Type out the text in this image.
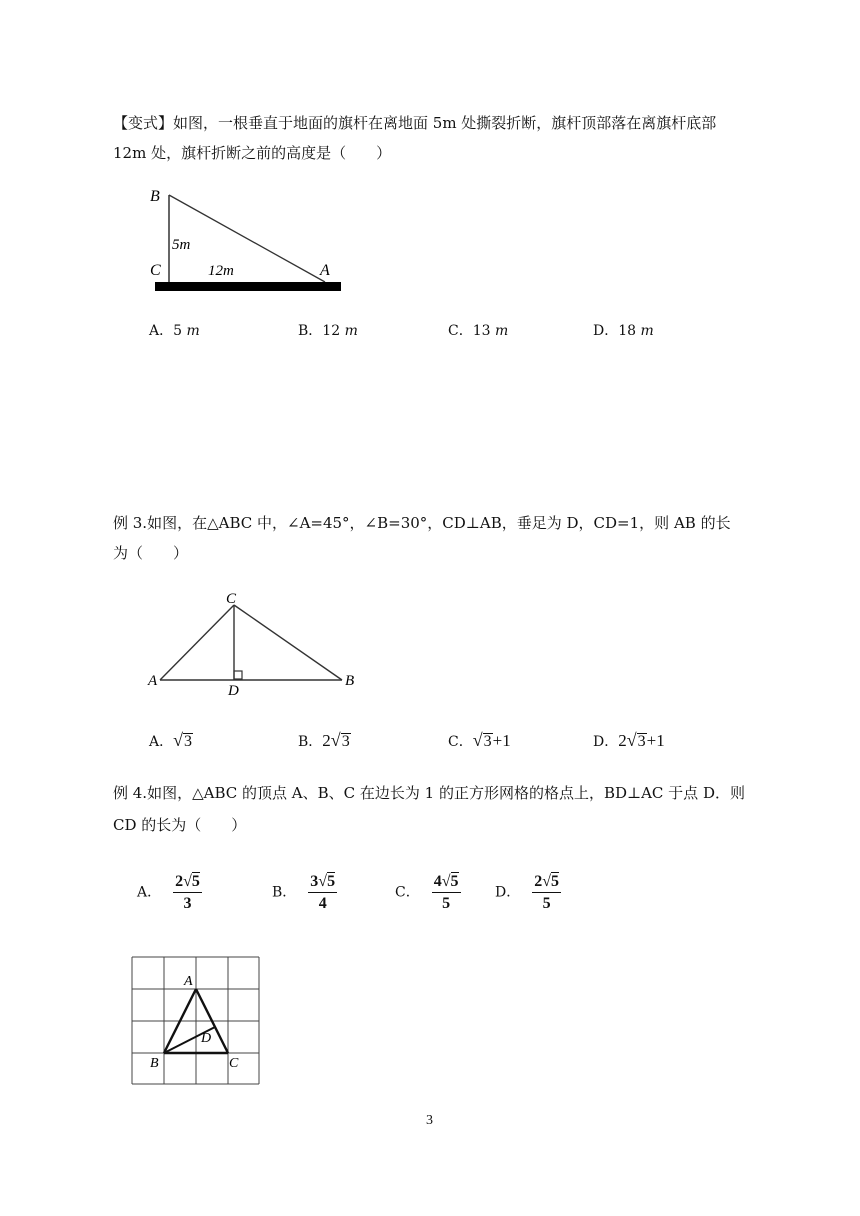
【变式】如图，一根垂直于地面的旗杆在离地面 5m 处撕裂折断，旗杆顶部落在离旗杆底部
12m 处，旗杆折断之前的高度是（　　）
B
C	A
5m
12m
A．5 m	B．12 m	C．13 m	D．18 m
例 3.如图，在△ABC 中，∠A=45°，∠B=30°，CD⊥AB，垂足为 D，CD=1，则 AB 的长
为（　　）
C
A
D
B
A． √ 3	B．2 √ 3	C． √ 3 +1	D．2 √ 3 +1
例 4.如图，△ABC 的顶点 A、B、C 在边长为 1 的正方形网格的格点上，BD⊥AC 于点 D．则
CD 的长为（　　）
A． $\frac{2√5}{3}$	B． $\frac{3√5}{4}$	C． $\frac{4√5}{5}$ D． $\frac{2√5}{5}$
A
D
B	C
3
